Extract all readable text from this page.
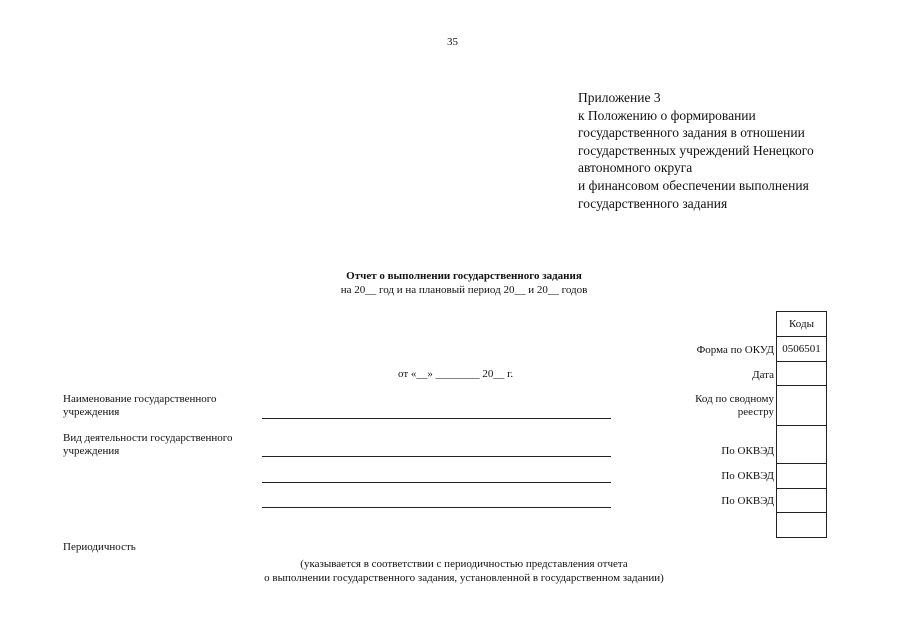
35
Приложение 3
к Положению о формировании
государственного задания в отношении
государственных учреждений Ненецкого
автономного округа
и финансовом обеспечении выполнения
государственного задания
Отчет о выполнении государственного задания
на 20__ год и на плановый период 20__ и 20__ годов
от «__» ________ 20__ г.
Наименование государственного
учреждения
Вид деятельности государственного
учреждения
Периодичность
Форма по ОКУД
Дата
Код по сводному
реестру
По ОКВЭД
По ОКВЭД
По ОКВЭД
Коды
0506501
(указывается в соответствии с периодичностью представления отчета
о выполнении государственного задания, установленной в государственном задании)
